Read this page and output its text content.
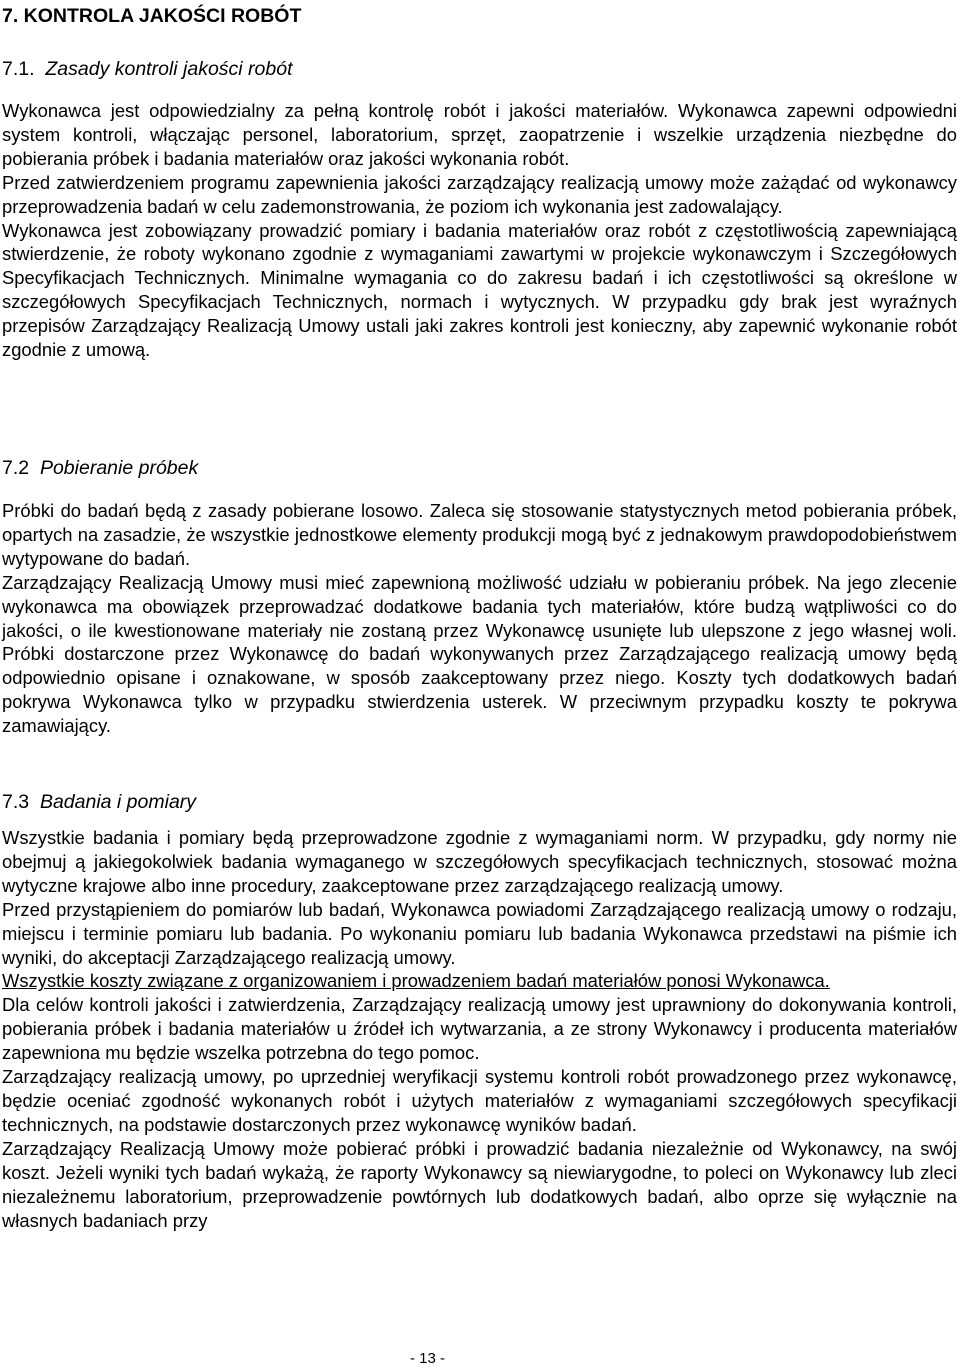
7. KONTROLA JAKOŚCI ROBÓT
7.1. Zasady kontroli jakości robót

Wykonawca jest odpowiedzialny za pełną kontrolę robót i jakości materiałów. Wykonawca zapewni odpowiedni system kontroli, włączając personel, laboratorium, sprzęt, zaopatrzenie i wszelkie urządzenia niezbędne do pobierania próbek i badania materiałów oraz jakości wykonania robót.

Przed zatwierdzeniem programu zapewnienia jakości zarządzający realizacją umowy może zażądać od wykonawcy przeprowadzenia badań w celu zademonstrowania, że poziom ich wykonania jest zadowalający.

Wykonawca jest zobowiązany prowadzić pomiary i badania materiałów oraz robót z częstotliwością zapewniającą stwierdzenie, że roboty wykonano zgodnie z wymaganiami zawartymi w projekcie wykonawczym i Szczegółowych Specyfikacjach Technicznych. Minimalne wymagania co do zakresu badań i ich częstotliwości są określone w szczegółowych Specyfikacjach Technicznych, normach i wytycznych. W przypadku gdy brak jest wyraźnych przepisów Zarządzający Realizacją Umowy ustali jaki zakres kontroli jest konieczny, aby zapewnić wykonanie robót zgodnie z umową.

7.2 Pobieranie próbek

Próbki do badań będą z zasady pobierane losowo. Zaleca się stosowanie statystycznych metod pobierania próbek, opartych na zasadzie, że wszystkie jednostkowe elementy produkcji mogą być z jednakowym prawdopodobieństwem wytypowane do badań.

Zarządzający Realizacją Umowy musi mieć zapewnioną możliwość udziału w pobieraniu próbek. Na jego zlecenie wykonawca ma obowiązek przeprowadzać dodatkowe badania tych materiałów, które budzą wątpliwości co do jakości, o ile kwestionowane materiały nie zostaną przez Wykonawcę usunięte lub ulepszone z jego własnej woli. Próbki dostarczone przez Wykonawcę do badań wykonywanych przez Zarządzającego realizacją umowy będą odpowiednio opisane i oznakowane, w sposób zaakceptowany przez niego. Koszty tych dodatkowych badań pokrywa Wykonawca tylko w przypadku stwierdzenia usterek. W przeciwnym przypadku koszty te pokrywa zamawiający.

7.3 Badania i pomiary

Wszystkie badania i pomiary będą przeprowadzone zgodnie z wymaganiami norm. W przypadku, gdy normy nie obejmuj ą jakiegokolwiek badania wymaganego w szczegółowych specyfikacjach technicznych, stosować można wytyczne krajowe albo inne procedury, zaakceptowane przez zarządzającego realizacją umowy.

Przed przystąpieniem do pomiarów lub badań, Wykonawca powiadomi Zarządzającego realizacją umowy o rodzaju, miejscu i terminie pomiaru lub badania. Po wykonaniu pomiaru lub badania Wykonawca przedstawi na piśmie ich wyniki, do akceptacji Zarządzającego realizacją umowy.

Wszystkie koszty związane z organizowaniem i prowadzeniem badań materiałów ponosi Wykonawca.

Dla celów kontroli jakości i zatwierdzenia, Zarządzający realizacją umowy jest uprawniony do dokonywania kontroli, pobierania próbek i badania materiałów u źródeł ich wytwarzania, a ze strony Wykonawcy i producenta materiałów zapewniona mu będzie wszelka potrzebna do tego pomoc.

Zarządzający realizacją umowy, po uprzedniej weryfikacji systemu kontroli robót prowadzonego przez wykonawcę, będzie oceniać zgodność wykonanych robót i użytych materiałów z wymaganiami szczegółowych specyfikacji technicznych, na podstawie dostarczonych przez wykonawcę wyników badań.

Zarządzający Realizacją Umowy może pobierać próbki i prowadzić badania niezależnie od Wykonawcy, na swój koszt. Jeżeli wyniki tych badań wykażą, że raporty Wykonawcy są niewiarygodne, to poleci on Wykonawcy lub zleci niezależnemu laboratorium, przeprowadzenie powtórnych lub dodatkowych badań, albo oprze się wyłącznie na własnych badaniach przy

- 13 -
